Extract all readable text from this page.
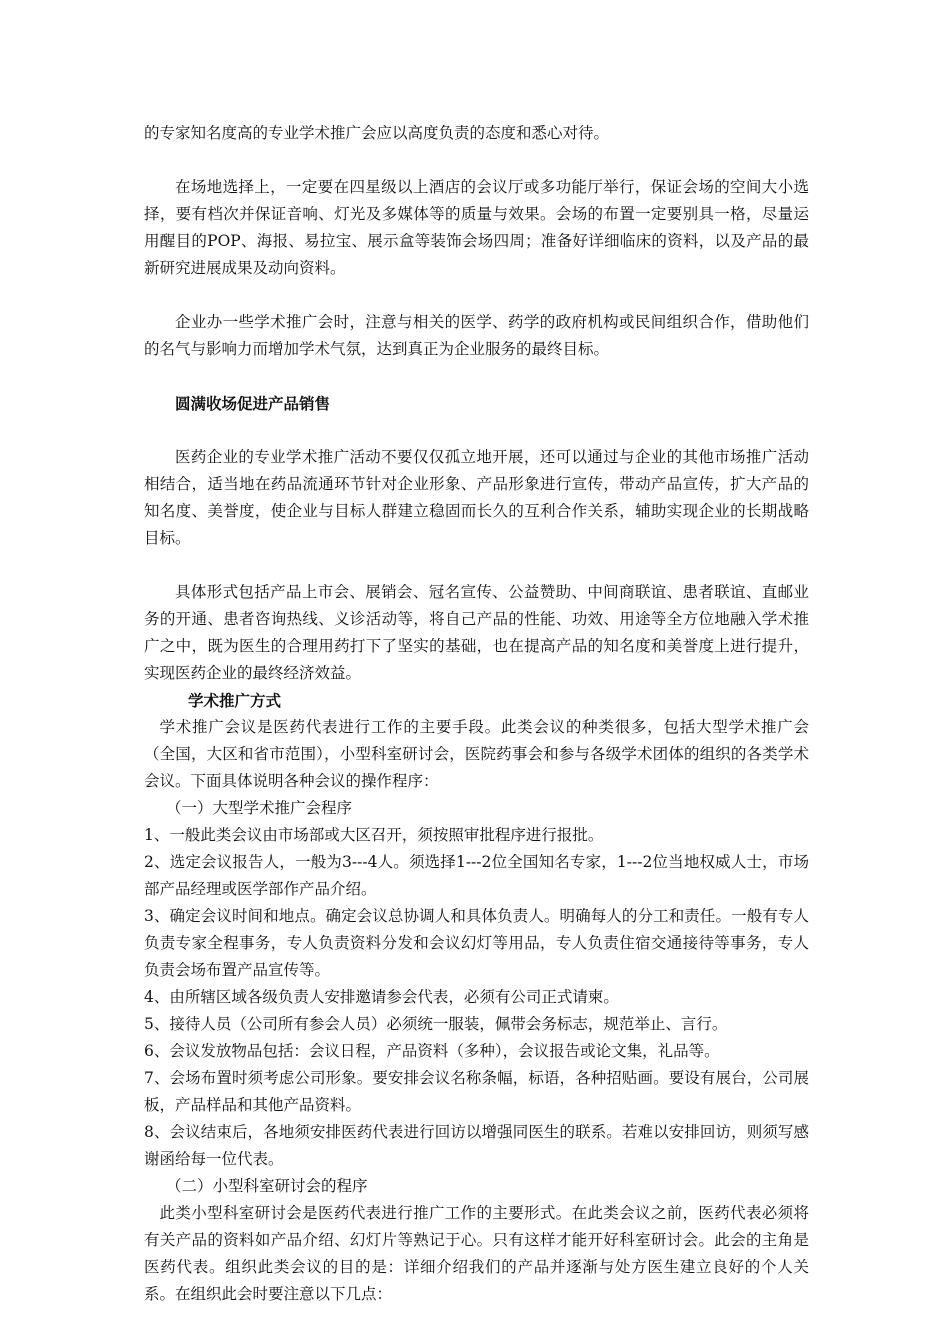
的专家知名度高的专业学术推广会应以高度负责的态度和悉心对待。

在场地选择上，一定要在四星级以上酒店的会议厅或多功能厅举行，保证会场的空间大小选择，要有档次并保证音响、灯光及多媒体等的质量与效果。会场的布置一定要别具一格，尽量运用醒目的POP、海报、易拉宝、展示盒等装饰会场四周；准备好详细临床的资料，以及产品的最新研究进展成果及动向资料。

企业办一些学术推广会时，注意与相关的医学、药学的政府机构或民间组织合作，借助他们的名气与影响力而增加学术气氛，达到真正为企业服务的最终目标。

圆满收场促进产品销售

医药企业的专业学术推广活动不要仅仅孤立地开展，还可以通过与企业的其他市场推广活动相结合，适当地在药品流通环节针对企业形象、产品形象进行宣传，带动产品宣传，扩大产品的知名度、美誉度，使企业与目标人群建立稳固而长久的互利合作关系，辅助实现企业的长期战略目标。

具体形式包括产品上市会、展销会、冠名宣传、公益赞助、中间商联谊、患者联谊、直邮业务的开通、患者咨询热线、义诊活动等，将自己产品的性能、功效、用途等全方位地融入学术推广之中，既为医生的合理用药打下了坚实的基础，也在提高产品的知名度和美誉度上进行提升，实现医药企业的最终经济效益。

学术推广方式

学术推广会议是医药代表进行工作的主要手段。此类会议的种类很多，包括大型学术推广会（全国，大区和省市范围），小型科室研讨会，医院药事会和参与各级学术团体的组织的各类学术会议。下面具体说明各种会议的操作程序：

（一）大型学术推广会程序

1、一般此类会议由市场部或大区召开，须按照审批程序进行报批。

2、选定会议报告人，一般为3---4人。须选择1---2位全国知名专家，1---2位当地权威人士，市场部产品经理或医学部作产品介绍。

3、确定会议时间和地点。确定会议总协调人和具体负责人。明确每人的分工和责任。一般有专人负责专家全程事务，专人负责资料分发和会议幻灯等用品，专人负责住宿交通接待等事务，专人负责会场布置产品宣传等。

4、由所辖区域各级负责人安排邀请参会代表，必须有公司正式请柬。

5、接待人员（公司所有参会人员）必须统一服装，佩带会务标志，规范举止、言行。

6、会议发放物品包括：会议日程，产品资料（多种），会议报告或论文集，礼品等。

7、会场布置时须考虑公司形象。要安排会议名称条幅，标语，各种招贴画。要设有展台，公司展板，产品样品和其他产品资料。

8、会议结束后，各地须安排医药代表进行回访以增强同医生的联系。若难以安排回访，则须写感谢函给每一位代表。

（二）小型科室研讨会的程序

此类小型科室研讨会是医药代表进行推广工作的主要形式。在此类会议之前，医药代表必须将有关产品的资料如产品介绍、幻灯片等熟记于心。只有这样才能开好科室研讨会。此会的主角是医药代表。组织此类会议的目的是：详细介绍我们的产品并逐渐与处方医生建立良好的个人关系。在组织此会时要注意以下几点：
